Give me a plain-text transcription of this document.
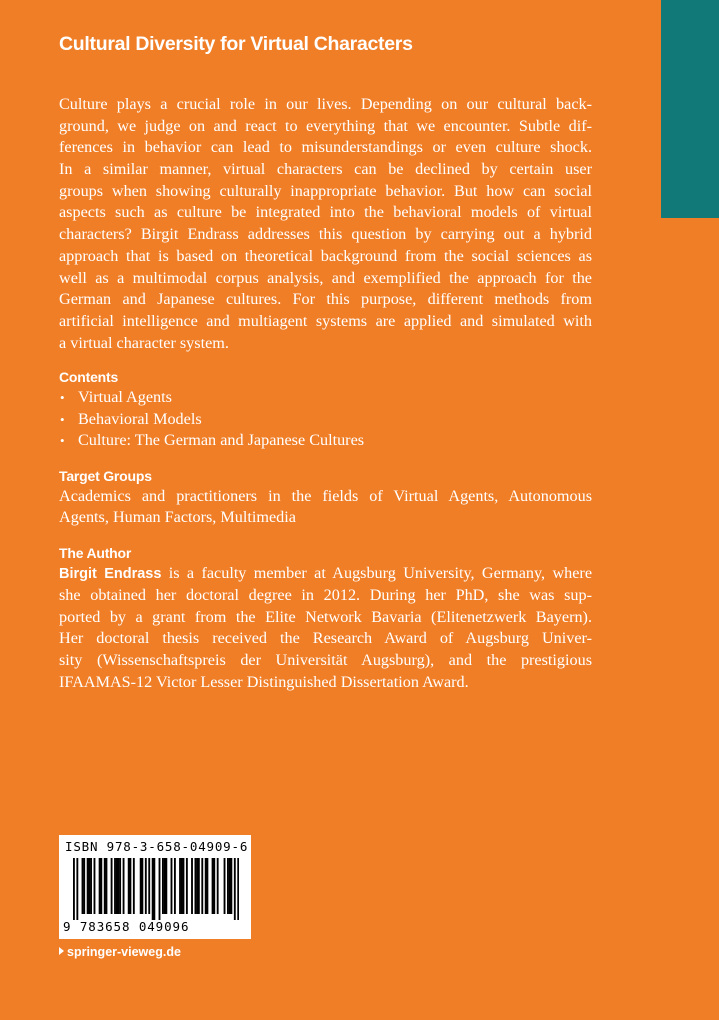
Cultural Diversity for Virtual Characters

Culture plays a crucial role in our lives. Depending on our cultural back-
ground, we judge on and react to everything that we encounter. Subtle dif-
ferences in behavior can lead to misunderstandings or even culture shock.
In a similar manner, virtual characters can be declined by certain user
groups when showing culturally inappropriate behavior. But how can social
aspects such as culture be integrated into the behavioral models of virtual
characters? Birgit Endrass addresses this question by carrying out a hybrid
approach that is based on theoretical background from the social sciences as
well as a multimodal corpus analysis, and exemplified the approach for the
German and Japanese cultures. For this purpose, different methods from
artificial intelligence and multiagent systems are applied and simulated with
a virtual character system.

Contents
• Virtual Agents
• Behavioral Models
• Culture: The German and Japanese Cultures
Target Groups
Academics and practitioners in the fields of Virtual Agents, Autonomous
Agents, Human Factors, Multimedia
The Author
Birgit Endrass is a faculty member at Augsburg University, Germany, where
she obtained her doctoral degree in 2012. During her PhD, she was sup-
ported by a grant from the Elite Network Bavaria (Elitenetzwerk Bayern).
Her doctoral thesis received the Research Award of Augsburg Univer-
sity (Wissenschaftspreis der Universität Augsburg), and the prestigious
IFAAMAS-12 Victor Lesser Distinguished Dissertation Award.
ISBN 978-3-658-04909-6
9 783658 049096
springer-vieweg.de
